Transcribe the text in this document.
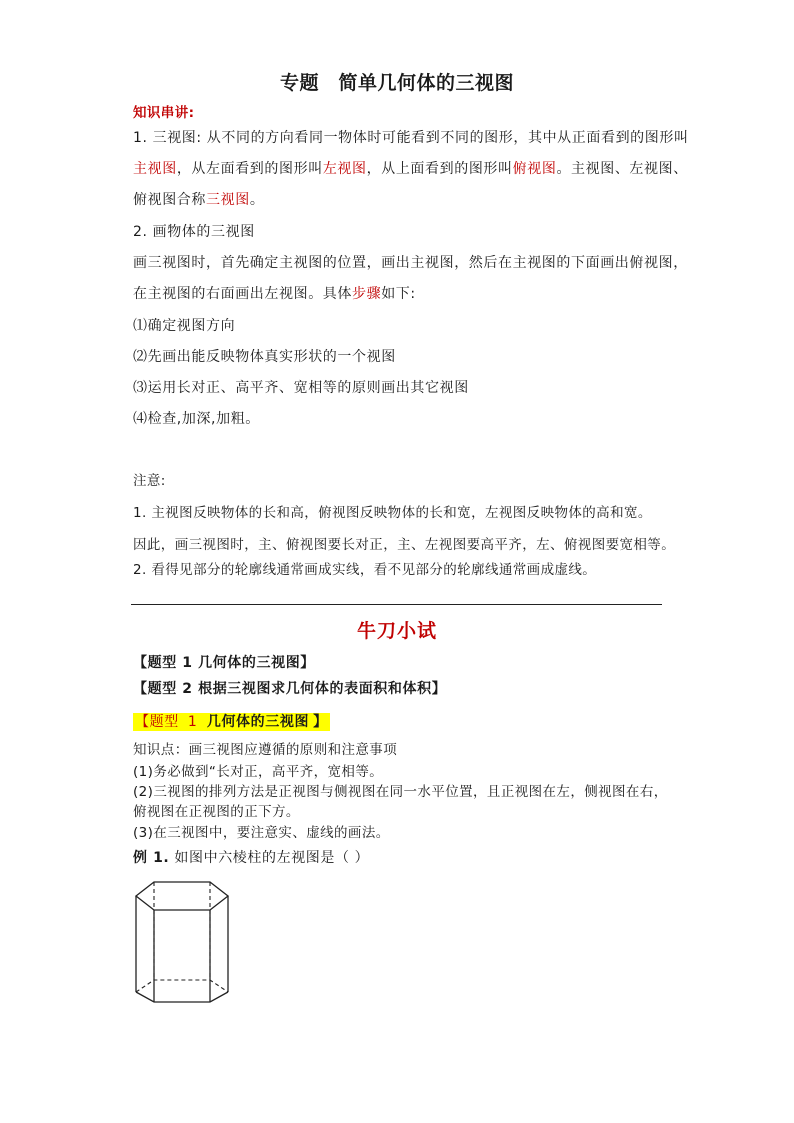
专题　简单几何体的三视图
知识串讲:
1. 三视图: 从不同的方向看同一物体时可能看到不同的图形，其中从正面看到的图形叫
主视图，从左面看到的图形叫左视图，从上面看到的图形叫俯视图。主视图、左视图、
俯视图合称三视图。
2. 画物体的三视图
画三视图时，首先确定主视图的位置，画出主视图，然后在主视图的下面画出俯视图，
在主视图的右面画出左视图。具体步骤如下:
⑴确定视图方向
⑵先画出能反映物体真实形状的一个视图
⑶运用长对正、高平齐、宽相等的原则画出其它视图
⑷检查,加深,加粗。
注意:
1. 主视图反映物体的长和高，俯视图反映物体的长和宽，左视图反映物体的高和宽。
因此，画三视图时，主、俯视图要长对正，主、左视图要高平齐，左、俯视图要宽相等。
2. 看得见部分的轮廓线通常画成实线，看不见部分的轮廓线通常画成虚线。
牛刀小试
【题型 1 几何体的三视图】
【题型 2 根据三视图求几何体的表面积和体积】
【题型 1 几何体的三视图 】
知识点：画三视图应遵循的原则和注意事项
(1)务必做到“长对正，高平齐，宽相等。
(2)三视图的排列方法是正视图与侧视图在同一水平位置，且正视图在左，侧视图在右，
俯视图在正视图的正下方。
(3)在三视图中，要注意实、虚线的画法。
例 1. 如图中六棱柱的左视图是（ ）
